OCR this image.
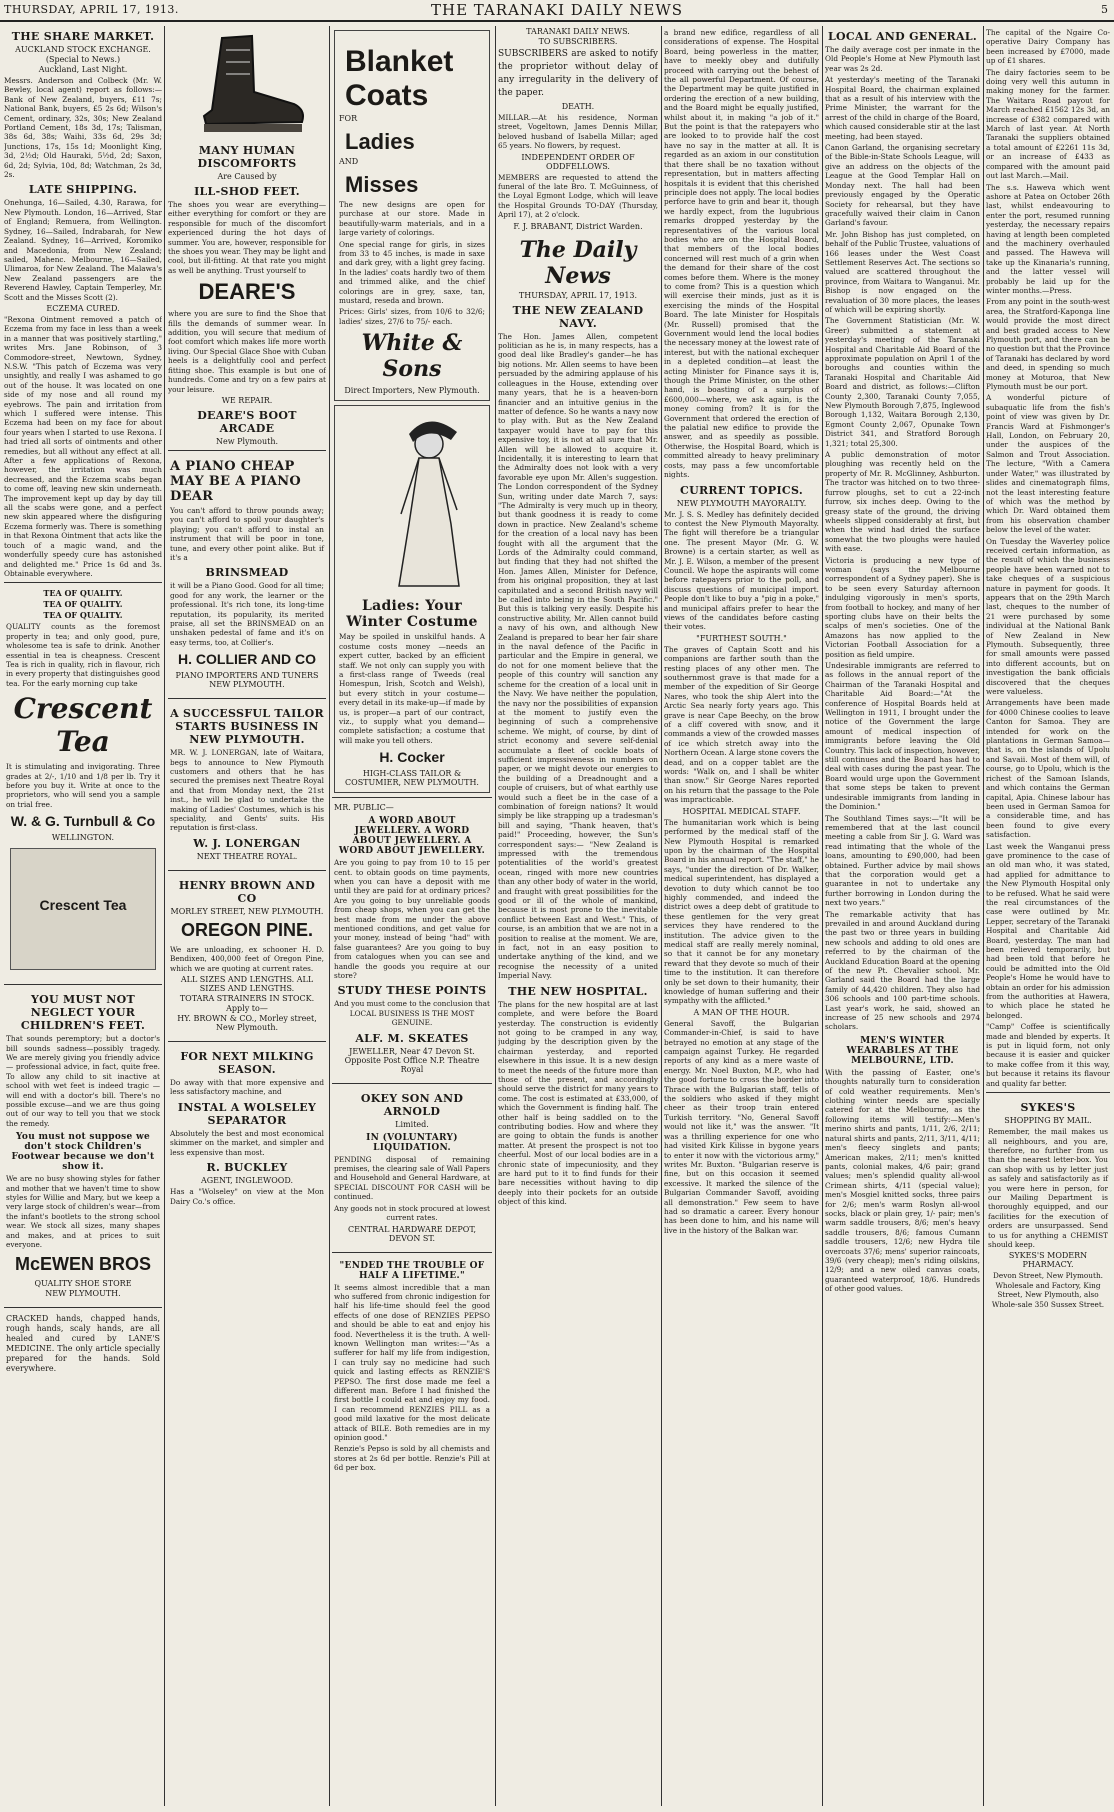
THURSDAY, APRIL 17, 1913.	THE TARANAKI DAILY NEWS	5
THE SHARE MARKET.
AUCKLAND STOCK EXCHANGE.
(Special to News.)
Auckland, Last Night.

Messrs. Anderson and Colbeck (Mr. W. Bewley, local agent) report as follows:— Bank of New Zealand, buyers, £11 7s; National Bank, buyers, £5 2s 6d; Wilson's Cement, ordinary, 32s, 30s; New Zealand Portland Cement, 18s 3d, 17s; Talisman, 38s 6d, 38s; Waihi, 33s 6d, 29s 3d; Junctions, 17s, 15s 1d; Moonlight King, 3d, 2½d; Old Hauraki, 5½d, 2d; Saxon, 6d, 2d; Sylvia, 10d, 8d; Watchman, 2s 3d, 2s.

LATE SHIPPING.

Onehunga, 16—Sailed, 4.30, Rarawa, for New Plymouth. London, 16—Arrived, Star of England; Remuera, from Wellington. Sydney, 16—Sailed, Indrabarah, for New Zealand. Sydney, 16—Arrived, Koromiko and Macedonia, from New Zealand; sailed, Mahenc. Melbourne, 16—Sailed, Ulimaroa, for New Zealand. The Malawa's New Zealand passengers are the Reverend Hawley, Captain Temperley, Mr. Scott and the Misses Scott (2).

ECZEMA CURED.

"Rexona Ointment removed a patch of Eczema from my face in less than a week in a manner that was positively startling," writes Mrs. Jane Robinson, of 3 Commodore-street, Newtown, Sydney, N.S.W. "This patch of Eczema was very unsightly, and really I was ashamed to go out of the house. It was located on one side of my nose and all round my eyebrows. The pain and irritation from which I suffered were intense. This Eczema had been on my face for about four years when I started to use Rexona. I had tried all sorts of ointments and other remedies, but all without any effect at all. After a few applications of Rexona, however, the irritation was much decreased, and the Eczema scabs began to come off, leaving new skin underneath. The improvement kept up day by day till all the scabs were gone, and a perfect new skin appeared where the disfiguring Eczema formerly was. There is something in that Rexona Ointment that acts like the touch of a magic wand, and the wonderfully speedy cure has astonished and delighted me." Price 1s 6d and 3s. Obtainable everywhere.

TEA OF QUALITY.
TEA OF QUALITY.
TEA OF QUALITY.

QUALITY counts as the foremost property in tea; and only good, pure, wholesome tea is safe to drink. Another essential in tea is cheapness. Crescent Tea is rich in quality, rich in flavour, rich in every property that distinguishes good tea. For the early morning cup take

Crescent Tea

It is stimulating and invigorating. Three grades at 2/-, 1/10 and 1/8 per lb. Try it before you buy it. Write at once to the proprietors, who will send you a sample on trial free.

W. & G. Turnbull & Co
WELLINGTON.
Crescent Tea
YOU MUST NOT NEGLECT YOUR CHILDREN'S FEET.

That sounds peremptory; but a doctor's bill sounds sadness—possibly tragedy. We are merely giving you friendly advice — professional advice, in fact, quite free. To allow any child to sit inactive at school with wet feet is indeed tragic —will end with a doctor's bill. There's no possible excuse—and we are thus going out of our way to tell you that we stock the remedy.

You must not suppose we don't stock Children's Footwear because we don't show it.

We are no busy showing styles for father and mother that we haven't time to show styles for Willie and Mary, but we keep a very large stock of children's wear—from the infant's bootlets to the strong school wear. We stock all sizes, many shapes and makes, and at prices to suit everyone.

McEWEN BROS
QUALITY SHOE STORE
NEW PLYMOUTH.

CRACKED hands, chapped hands, rough hands, scaly hands, are all healed and cured by LANE'S MEDICINE. The only article specially prepared for the hands. Sold everywhere.

MANY HUMAN DISCOMFORTS
Are Caused by
ILL-SHOD FEET.

The shoes you wear are everything—either everything for comfort or they are responsible for much of the discomfort experienced during the hot days of summer. You are, however, responsible for the shoes you wear. They may be light and cool, but ill-fitting. At that rate you might as well be anything. Trust yourself to

DEARE'S

where you are sure to find the Shoe that fills the demands of summer wear. In addition, you will secure that medium of foot comfort which makes life more worth living. Our Special Glace Shoe with Cuban heels is a delightfully cool and perfect fitting shoe. This example is but one of hundreds. Come and try on a few pairs at your leisure.

WE REPAIR.
DEARE'S BOOT ARCADE
New Plymouth.
A PIANO CHEAP MAY BE A PIANO DEAR

You can't afford to throw pounds away; you can't afford to spoil your daughter's playing; you can't afford to instal an instrument that will be poor in tone, tune, and every other point alike. But if it's a

BRINSMEAD

it will be a Piano Good. Good for all time; good for any work, the learner or the professional. It's rich tone, its long-time reputation, its popularity, its merited praise, all set the BRINSMEAD on an unshaken pedestal of fame and it's on easy terms, too, at Collier's.

H. COLLIER AND CO
PIANO IMPORTERS AND TUNERS NEW PLYMOUTH.
A SUCCESSFUL TAILOR STARTS BUSINESS IN NEW PLYMOUTH.

MR. W. J. LONERGAN, late of Waitara, begs to announce to New Plymouth customers and others that he has secured the premises next Theatre Royal and that from Monday next, the 21st inst., he will be glad to undertake the making of Ladies' Costumes, which is his speciality, and Gents' suits. His reputation is first-class.

W. J. LONERGAN
NEXT THEATRE ROYAL.
HENRY BROWN AND CO
MORLEY STREET, NEW PLYMOUTH.
OREGON PINE.

We are unloading, ex schooner H. D. Bendixen, 400,000 feet of Oregon Pine, which we are quoting at current rates.

ALL SIZES AND LENGTHS. ALL SIZES AND LENGTHS.
TOTARA STRAINERS IN STOCK.
Apply to—
HY. BROWN & CO., Morley street, New Plymouth.
FOR NEXT MILKING SEASON.

Do away with that more expensive and less satisfactory machine, and

INSTAL A WOLSELEY SEPARATOR

Absolutely the best and most economical skimmer on the market, and simpler and less expensive than most.

R. BUCKLEY
AGENT, INGLEWOOD.

Has a "Wolseley" on view at the Mon Dairy Co.'s office.

Blanket Coats
FOR
Ladies
AND
Misses

The new designs are open for purchase at our store. Made in beautifully-warm materials, and in a large variety of colorings.

One special range for girls, in sizes from 33 to 45 inches, is made in saxe and dark grey, with a light grey facing. In the ladies' coats hardly two of them and trimmed alike, and the chief colorings are in grey, saxe, tan, mustard, reseda and brown.

Prices: Girls' sizes, from 10/6 to 32/6; ladies' sizes, 27/6 to 75/- each.

White & Sons
Direct Importers, New Plymouth.
Ladies: Your Winter Costume

May be spoiled in unskilful hands. A costume costs money —needs an expert cutter, backed by an efficient staff. We not only can supply you with a first-class range of Tweeds (real Homespun, Irish, Scotch and Welsh), but every stitch in your costume—every detail in its make-up—if made by us, is proper—a part of our contract, viz., to supply what you demand—complete satisfaction; a costume that will make you tell others.

H. Cocker
HIGH-CLASS TAILOR & COSTUMIER, NEW PLYMOUTH.
MR. PUBLIC—
A WORD ABOUT JEWELLERY. A WORD ABOUT JEWELLERY. A WORD ABOUT JEWELLERY.

Are you going to pay from 10 to 15 per cent. to obtain goods on time payments, when you can have a deposit with me until they are paid for at ordinary prices? Are you going to buy unreliable goods from cheap shops, when you can get the best made from me under the above mentioned conditions, and get value for your money, instead of being "had" with false guarantees? Are you going to buy from catalogues when you can see and handle the goods you require at our store?

STUDY THESE POINTS

And you must come to the conclusion that LOCAL BUSINESS IS THE MOST GENUINE.

ALF. M. SKEATES
JEWELLER, Near 47 Devon St. Opposite Post Office N.P. Theatre Royal
OKEY SON AND ARNOLD
Limited.
IN (VOLUNTARY) LIQUIDATION.

PENDING disposal of remaining premises, the clearing sale of Wall Papers and Household and General Hardware, at SPECIAL DISCOUNT FOR CASH will be continued.

Any goods not in stock procured at lowest current rates.

CENTRAL HARDWARE DEPOT, DEVON ST.
"ENDED THE TROUBLE OF HALF A LIFETIME."

It seems almost incredible that a man who suffered from chronic indigestion for half his life-time should feel the good effects of one dose of RENZIES PEPSO and should be able to eat and enjoy his food. Nevertheless it is the truth. A well-known Wellington man writes:—"As a sufferer for half my life from indigestion, I can truly say no medicine had such quick and lasting effects as RENZIE'S PEPSO. The first dose made me feel a different man. Before I had finished the first bottle I could eat and enjoy my food. I can recommend RENZIES PILL as a good mild laxative for the most delicate attack of BILE. Both remedies are in my opinion good."

Renzie's Pepso is sold by all chemists and stores at 2s 6d per bottle. Renzie's Pill at 6d per box.

TARANAKI DAILY NEWS.
TO SUBSCRIBERS.

SUBSCRIBERS are asked to notify the proprietor without delay of any irregularity in the delivery of the paper.

DEATH.

MILLAR.—At his residence, Norman street, Vogeltown, James Dennis Millar, beloved husband of Isabella Millar; aged 65 years. No flowers, by request.

INDEPENDENT ORDER OF ODDFELLOWS.

MEMBERS are requested to attend the funeral of the late Bro. T. McGuinness, of the Loyal Egmont Lodge, which will leave the Hospital Grounds TO-DAY (Thursday, April 17), at 2 o'clock.

F. J. BRABANT, District Warden.
The Daily News
THURSDAY, APRIL 17, 1913.
THE NEW ZEALAND NAVY.

The Hon. James Allen, competent politician as he is, in many respects, has a good deal like Bradley's gander—he has big notions. Mr. Allen seems to have been persuaded by the admiring applause of his colleagues in the House, extending over many years, that he is a heaven-born financier and an intuitive genius in the matter of defence. So he wants a navy now to play with. But as the New Zealand taxpayer would have to pay for this expensive toy, it is not at all sure that Mr. Allen will be allowed to acquire it. Incidentally, it is interesting to learn that the Admiralty does not look with a very favorable eye upon Mr. Allen's suggestion. The London correspondent of the Sydney Sun, writing under date March 7, says: "The Admiralty is very much up in theory, but thank goodness it is ready to come down in practice. New Zealand's scheme for the creation of a local navy has been fought with all the argument that the Lords of the Admiralty could command, but finding that they had not shifted the Hon. James Allen, Minister for Defence, from his original proposition, they at last capitulated and a second British navy will be called into being in the South Pacific." But this is talking very easily. Despite his constructive ability, Mr. Allen cannot build a navy of his own, and although New Zealand is prepared to bear her fair share in the naval defence of the Pacific in particular and the Empire in general, we do not for one moment believe that the people of this country will sanction any scheme for the creation of a local unit in the Navy. We have neither the population, the navy nor the possibilities of expansion at the moment to justify even the beginning of such a comprehensive scheme. We might, of course, by dint of strict economy and severe self-denial accumulate a fleet of cockle boats of sufficient impressiveness in numbers on paper, or we might devote our energies to the building of a Dreadnought and a couple of cruisers, but of what earthly use would such a fleet be in the case of a combination of foreign nations? It would simply be like strapping up a tradesman's bill and saying, "Thank heaven, that's paid!" Proceeding, however, the Sun's correspondent says:— "New Zealand is impressed with the tremendous potentialities of the world's greatest ocean, ringed with more new countries than any other body of water in the world, and fraught with great possibilities for the good or ill of the whole of mankind, because it is most prone to the inevitable conflict between East and West." This, of course, is an ambition that we are not in a position to realise at the moment. We are, in fact, not in an easy position to undertake anything of the kind, and we recognise the necessity of a united Imperial Navy.

THE NEW HOSPITAL.

The plans for the new hospital are at last complete, and were before the Board yesterday. The construction is evidently not going to be cramped in any way, judging by the description given by the chairman yesterday, and reported elsewhere in this issue. It is a new design to meet the needs of the future more than those of the present, and accordingly should serve the district for many years to come. The cost is estimated at £33,000, of which the Government is finding half. The other half is being saddled on to the contributing bodies. How and where they are going to obtain the funds is another matter. At present the prospect is not too cheerful. Most of our local bodies are in a chronic state of impecuniosity, and they are hard put to it to find funds for their bare necessities without having to dip deeply into their pockets for an outside object of this kind.

a brand new edifice, regardless of all considerations of expense. The Hospital Board, being powerless in the matter, have to meekly obey and dutifully proceed with carrying out the behest of the all powerful Department. Of course, the Department may be quite justified in ordering the erection of a new building, and the Board might be equally justified, whilst about it, in making "a job of it." But the point is that the ratepayers who are looked to to provide half the cost have no say in the matter at all. It is regarded as an axiom in our constitution that there shall be no taxation without representation, but in matters affecting hospitals it is evident that this cherished principle does not apply. The local bodies perforce have to grin and bear it, though we hardly expect, from the lugubrious remarks dropped yesterday by the representatives of the various local bodies who are on the Hospital Board, that members of the local bodies concerned will rest much of a grin when the demand for their share of the cost comes before them. Where is the money to come from? This is a question which will exercise their minds, just as it is exercising the minds of the Hospital Board. The late Minister for Hospitals (Mr. Russell) promised that the Government would lend the local bodies the necessary money at the lowest rate of interest, but with the national exchequer in a depleted condition—at least the acting Minister for Finance says it is, though the Prime Minister, on the other hand, is boasting of a surplus of £600,000—where, we ask again, is the money coming from? It is for the Government that ordered the erection of the palatial new edifice to provide the answer, and as speedily as possible. Otherwise, the Hospital Board, which is committed already to heavy preliminary costs, may pass a few uncomfortable nights.

CURRENT TOPICS.
NEW PLYMOUTH MAYORALTY.

Mr. J. S. S. Medley has definitely decided to contest the New Plymouth Mayoralty. The fight will therefore be a triangular one. The present Mayor (Mr. G. W. Browne) is a certain starter, as well as Mr. J. E. Wilson, a member of the present Council. We hope the aspirants will come before ratepayers prior to the poll, and discuss questions of municipal import. People don't like to buy a "pig in a poke," and municipal affairs prefer to hear the views of the candidates before casting their votes.

"FURTHEST SOUTH."

The graves of Captain Scott and his companions are farther south than the resting places of any other men. The southernmost grave is that made for a member of the expedition of Sir George Nares, who took the ship Alert into the Arctic Sea nearly forty years ago. This grave is near Cape Beechy, on the brow of a cliff covered with snow, and it commands a view of the crowded masses of ice which stretch away into the Northern Ocean. A large stone covers the dead, and on a copper tablet are the words: "Walk on, and I shall be whiter than snow." Sir George Nares reported on his return that the passage to the Pole was impracticable.

HOSPITAL MEDICAL STAFF.

The humanitarian work which is being performed by the medical staff of the New Plymouth Hospital is remarked upon by the chairman of the Hospital Board in his annual report. "The staff," he says, "under the direction of Dr. Walker, medical superintendent, has displayed a devotion to duty which cannot be too highly commended, and indeed the district owes a deep debt of gratitude to these gentlemen for the very great services they have rendered to the institution. The advice given to the medical staff are really merely nominal, so that it cannot be for any monetary reward that they devote so much of their time to the institution. It can therefore only be set down to their humanity, their knowledge of human suffering and their sympathy with the afflicted."

A MAN OF THE HOUR.

General Savoff, the Bulgarian Commander-in-Chief, is said to have betrayed no emotion at any stage of the campaign against Turkey. He regarded reports of any kind as a mere waste of energy. Mr. Noel Buxton, M.P., who had the good fortune to cross the border into Thrace with the Bulgarian staff, tells of the soldiers who asked if they might cheer as their troop train entered Turkish territory. "No, General Savoff would not like it," was the answer. "It was a thrilling experience for one who had visited Kirk Kilisse in bygone years to enter it now with the victorious army," writes Mr. Buxton. "Bulgarian reserve is fine, but on this occasion it seemed excessive. It marked the silence of the Bulgarian Commander Savoff, avoiding all demonstration." Few seem to have had so dramatic a career. Every honour has been done to him, and his name will live in the history of the Balkan war.

LOCAL AND GENERAL.

The daily average cost per inmate in the Old People's Home at New Plymouth last year was 2s 2d.

At yesterday's meeting of the Taranaki Hospital Board, the chairman explained that as a result of his interview with the Prime Minister, the warrant for the arrest of the child in charge of the Board, which caused considerable stir at the last meeting, had been stayed.

Canon Garland, the organising secretary of the Bible-in-State Schools League, will give an address on the objects of the League at the Good Templar Hall on Monday next. The hall had been previously engaged by the Operatic Society for rehearsal, but they have gracefully waived their claim in Canon Garland's favour.

Mr. John Bishop has just completed, on behalf of the Public Trustee, valuations of 166 leases under the West Coast Settlement Reserves Act. The sections so valued are scattered throughout the province, from Waitara to Wanganui. Mr. Bishop is now engaged on the revaluation of 30 more places, the leases of which will be expiring shortly.

The Government Statistician (Mr. W. Greer) submitted a statement at yesterday's meeting of the Taranaki Hospital and Charitable Aid Board of the approximate population on April 1 of the boroughs and counties within the Taranaki Hospital and Charitable Aid Board and district, as follows:—Clifton County 2,300, Taranaki County 7,055, New Plymouth Borough 7,875, Inglewood Borough 1,132, Waitara Borough 2,130, Egmont County 2,067, Opunake Town District 341, and Stratford Borough 1,321; total 25,300.

A public demonstration of motor ploughing was recently held on the property of Mr. R. McGlinney, Ashburton. The tractor was hitched on to two three-furrow ploughs, set to cut a 22-inch furrow, six inches deep. Owing to the greasy state of the ground, the driving wheels slipped considerably at first, but when the wind had dried the surface somewhat the two ploughs were hauled with ease.

Victoria is producing a new type of woman (says the Melbourne correspondent of a Sydney paper). She is to be seen every Saturday afternoon indulging vigorously in men's sports, from football to hockey, and many of her sporting clubs have on their belts the scalps of men's societies. One of the Amazons has now applied to the Victorian Football Association for a position as field umpire.

Undesirable immigrants are referred to as follows in the annual report of the Chairman of the Taranaki Hospital and Charitable Aid Board:—"At the conference of Hospital Boards held at Wellington in 1911, I brought under the notice of the Government the large amount of medical inspection of immigrants before leaving the Old Country. This lack of inspection, however, still continues and the Board has had to deal with cases during the past year. The Board would urge upon the Government that some steps be taken to prevent undesirable immigrants from landing in the Dominion."

The Southland Times says:—"It will be remembered that at the last council meeting a cable from Sir J. G. Ward was read intimating that the whole of the loans, amounting to £90,000, had been obtained. Further advice by mail shows that the corporation would get a guarantee in not to undertake any further borrowing in London during the next two years."

The remarkable activity that has prevailed in and around Auckland during the past two or three years in building new schools and adding to old ones are referred to by the chairman of the Auckland Education Board at the opening of the new Pt. Chevalier school. Mr. Garland said the Board had the large family of 44,420 children. They also had 306 schools and 100 part-time schools. Last year's work, he said, showed an increase of 25 new schools and 2974 scholars.

MEN'S WINTER WEARABLES AT THE MELBOURNE, LTD.

With the passing of Easter, one's thoughts naturally turn to consideration of cold weather requirements. Men's clothing winter needs are specially catered for at the Melbourne, as the following items will testify:—Men's merino shirts and pants, 1/11, 2/6, 2/11; natural shirts and pants, 2/11, 3/11, 4/11; men's fleecy singlets and pants; American makes, 2/11; men's knitted pants, colonial makes, 4/6 pair; grand values; men's splendid quality all-wool Crimean shirts, 4/11 (special value); men's Mosgiel knitted socks, three pairs for 2/6; men's warm Roslyn all-wool socks, black or plain grey, 1/- pair; men's warm saddle trousers, 8/6; men's heavy saddle trousers, 8/6; famous Cumann saddle trousers, 12/6; new Hydra tile overcoats 37/6; mens' superior raincoats, 39/6 (very cheap); men's riding oilskins, 12/9; and a new oiled canvas coats, guaranteed waterproof, 18/6. Hundreds of other good values.

The capital of the Ngaire Co-operative Dairy Company has been increased by £7000, made up of £1 shares.

The dairy factories seem to be doing very well this autumn in making money for the farmer. The Waitara Road payout for March reached £1562 12s 3d, an increase of £382 compared with March of last year. At North Taranaki the suppliers obtained a total amount of £2261 11s 3d, or an increase of £433 as compared with the amount paid out last March.—Mail.

The s.s. Haweva which went ashore at Patea on October 26th last, whilst endeavouring to enter the port, resumed running yesterday, the necessary repairs having at length been completed and the machinery overhauled and passed. The Haweva will take up the Kinanaria's running, and the latter vessel will probably be laid up for the winter months.—Press.

From any point in the south-west area, the Stratford-Kaponga line would provide the most direct and best graded access to New Plymouth port, and there can be no question but that the Province of Taranaki has declared by word and deed, in spending so much money at Moturoa, that New Plymouth must be our port.

A wonderful picture of subaquatic life from the fish's point of view was given by Dr. Francis Ward at Fishmonger's Hall, London, on February 20, under the auspices of the Salmon and Trout Association. The lecture, "With a Camera under Water," was illustrated by slides and cinematograph films, not the least interesting feature of which was the method by which Dr. Ward obtained them from his observation chamber below the level of the water.

On Tuesday the Waverley police received certain information, as the result of which the business people have been warned not to take cheques of a suspicious nature in payment for goods. It appears that on the 29th March last, cheques to the number of 21 were purchased by some individual at the National Bank of New Zealand in New Plymouth. Subsequently, three for small amounts were passed into different accounts, but on investigation the bank officials discovered that the cheques were valueless.

Arrangements have been made for 4000 Chinese coolies to leave Canton for Samoa. They are intended for work on the plantations in German Samoa—that is, on the islands of Upolu and Savaii. Most of them will, of course, go to Upolu, which is the richest of the Samoan Islands, and which contains the German capital, Apia. Chinese labour has been used in German Samoa for a considerable time, and has been found to give every satisfaction.

Last week the Wanganui press gave prominence to the case of an old man who, it was stated, had applied for admittance to the New Plymouth Hospital only to be refused. What he said were the real circumstances of the case were outlined by Mr. Lepper, secretary of the Taranaki Hospital and Charitable Aid Board, yesterday. The man had been relieved temporarily, but had been told that before he could be admitted into the Old People's Home he would have to obtain an order for his admission from the authorities at Hawera, to which place he stated he belonged.

"Camp" Coffee is scientifically made and blended by experts. It is put in liquid form, not only because it is easier and quicker to make coffee from it this way, but because it retains its flavour and quality far better.

SYKES'S
SHOPPING BY MAIL.

Remember, the mail makes us all neighbours, and you are, therefore, no further from us than the nearest letter-box. You can shop with us by letter just as safely and satisfactorily as if you were here in person, for our Mailing Department is thoroughly equipped, and our facilities for the execution of orders are unsurpassed. Send to us for anything a CHEMIST should keep.

SYKES'S MODERN PHARMACY.

Devon Street, New Plymouth. Wholesale and Factory, King Street, New Plymouth, also Whole-sale 350 Sussex Street.
